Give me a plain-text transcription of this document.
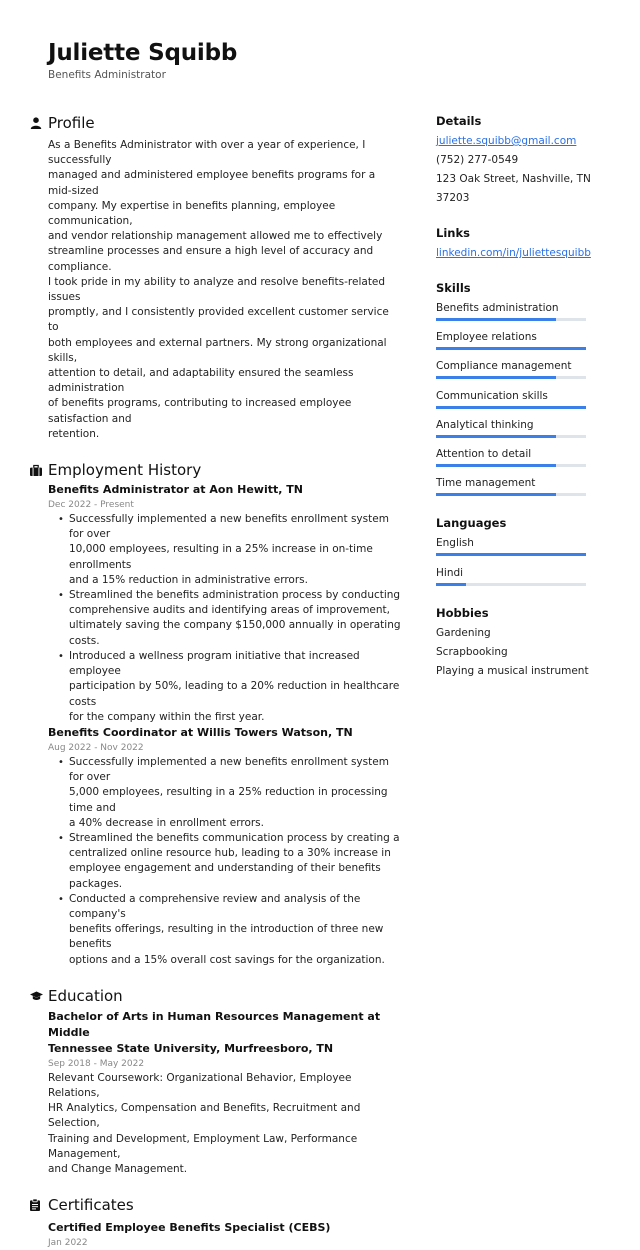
Juliette Squibb
Benefits Administrator
Profile
As a Benefits Administrator with over a year of experience, I successfully
managed and administered employee benefits programs for a mid-sized
company. My expertise in benefits planning, employee communication,
and vendor relationship management allowed me to effectively
streamline processes and ensure a high level of accuracy and compliance.
I took pride in my ability to analyze and resolve benefits-related issues
promptly, and I consistently provided excellent customer service to
both employees and external partners. My strong organizational skills,
attention to detail, and adaptability ensured the seamless administration
of benefits programs, contributing to increased employee satisfaction and
retention.
Employment History
Benefits Administrator at Aon Hewitt, TN
Dec 2022 - Present
• Successfully implemented a new benefits enrollment system for over
10,000 employees, resulting in a 25% increase in on-time enrollments
and a 15% reduction in administrative errors.
• Streamlined the benefits administration process by conducting
comprehensive audits and identifying areas of improvement,
ultimately saving the company $150,000 annually in operating costs.
• Introduced a wellness program initiative that increased employee
participation by 50%, leading to a 20% reduction in healthcare costs
for the company within the first year.
Benefits Coordinator at Willis Towers Watson, TN
Aug 2022 - Nov 2022
• Successfully implemented a new benefits enrollment system for over
5,000 employees, resulting in a 25% reduction in processing time and
a 40% decrease in enrollment errors.
• Streamlined the benefits communication process by creating a
centralized online resource hub, leading to a 30% increase in
employee engagement and understanding of their benefits packages.
• Conducted a comprehensive review and analysis of the company's
benefits offerings, resulting in the introduction of three new benefits
options and a 15% overall cost savings for the organization.
Education
Bachelor of Arts in Human Resources Management at Middle
Tennessee State University, Murfreesboro, TN
Sep 2018 - May 2022
Relevant Coursework: Organizational Behavior, Employee Relations,
HR Analytics, Compensation and Benefits, Recruitment and Selection,
Training and Development, Employment Law, Performance Management,
and Change Management.
Certificates
Certified Employee Benefits Specialist (CEBS)
Jan 2022
Details
juliette.squibb@gmail.com
(752) 277-0549
123 Oak Street, Nashville, TN 37203
Links
linkedin.com/in/juliettesquibb
Skills
Benefits administration
Employee relations
Compliance management
Communication skills
Analytical thinking
Attention to detail
Time management
Languages
English
Hindi
Hobbies
Gardening
Scrapbooking
Playing a musical instrument
